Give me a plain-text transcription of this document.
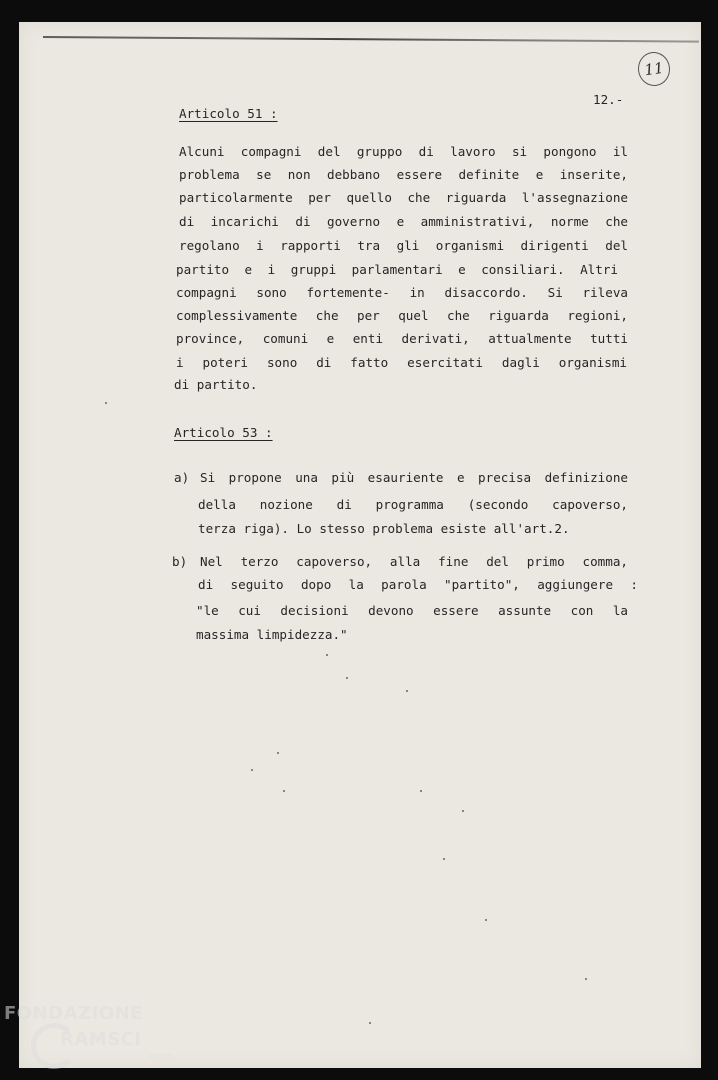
11
12.-
Articolo 51 :
Alcuni compagni del gruppo di lavoro si pongono il
problema se non debbano essere definite e inserite,
particolarmente per quello che riguarda l'assegnazione
di incarichi di governo e amministrativi, norme che
regolano i rapporti tra gli organismi dirigenti del
partito e i gruppi parlamentari e consiliari. Altri
compagni sono fortemente- in disaccordo. Si rileva
complessivamente che per quel che riguarda regioni,
province, comuni e enti derivati, attualmente tutti
i poteri sono di fatto esercitati dagli organismi
di partito.
Articolo 53 :
a) Si propone una più esauriente e precisa definizione
della nozione di programma (secondo capoverso,
terza riga). Lo stesso problema esiste all'art.2.
b) Nel terzo capoverso, alla fine del primo comma,
di seguito dopo la parola "partito", aggiungere :
"le cui decisioni devono essere assunte con la
massima limpidezza."
FONDAZIONE
RAMSCI
onlus
